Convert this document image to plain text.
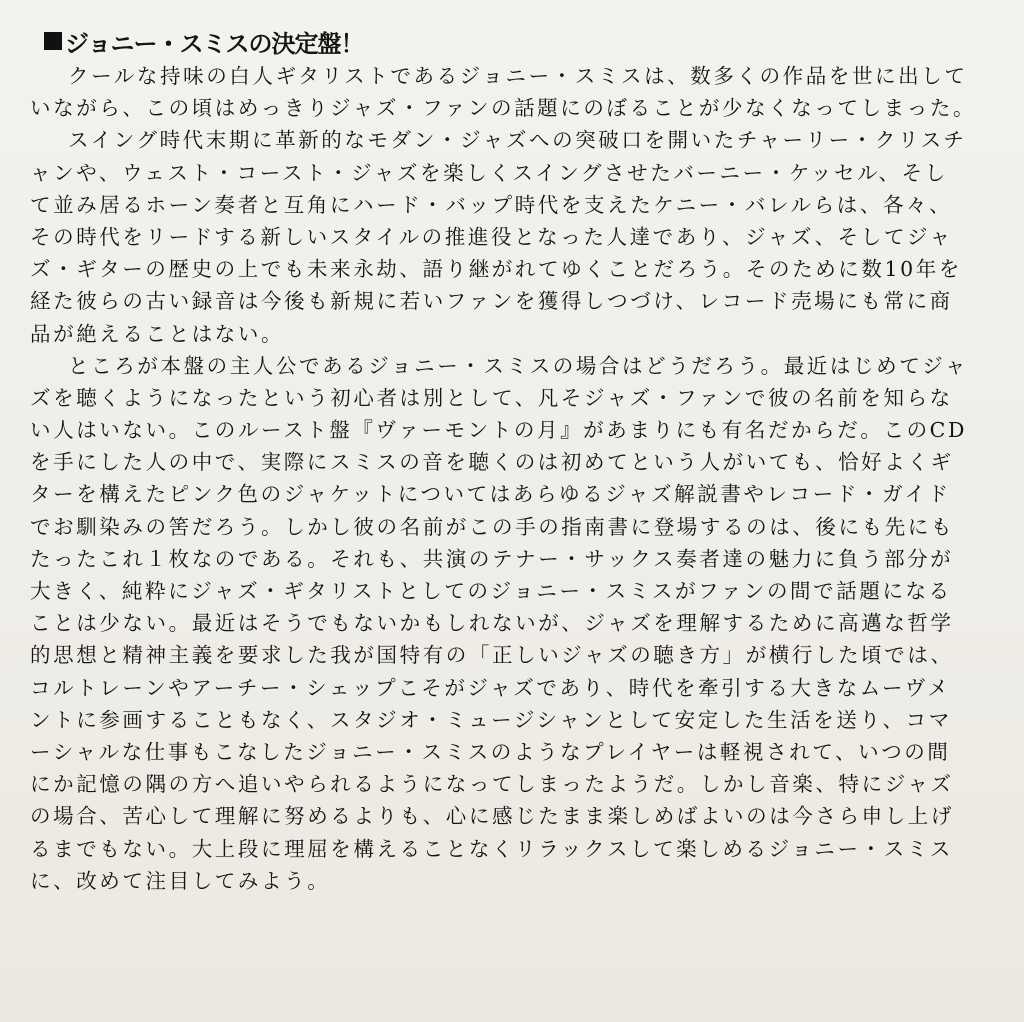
ジョニー・スミスの決定盤！

クールな持味の白人ギタリストであるジョニー・スミスは、数多くの作品を世に出して
いながら、この頃はめっきりジャズ・ファンの話題にのぼることが少なくなってしまった。

スイング時代末期に革新的なモダン・ジャズへの突破口を開いたチャーリー・クリスチ
ャンや、ウェスト・コースト・ジャズを楽しくスイングさせたバーニー・ケッセル、そし
て並み居るホーン奏者と互角にハード・バップ時代を支えたケニー・バレルらは、各々、
その時代をリードする新しいスタイルの推進役となった人達であり、ジャズ、そしてジャ
ズ・ギターの歴史の上でも未来永劫、語り継がれてゆくことだろう。そのために数10年を
経た彼らの古い録音は今後も新規に若いファンを獲得しつづけ、レコード売場にも常に商
品が絶えることはない。

ところが本盤の主人公であるジョニー・スミスの場合はどうだろう。最近はじめてジャ
ズを聴くようになったという初心者は別として、凡そジャズ・ファンで彼の名前を知らな
い人はいない。このルースト盤『ヴァーモントの月』があまりにも有名だからだ。このCD
を手にした人の中で、実際にスミスの音を聴くのは初めてという人がいても、恰好よくギ
ターを構えたピンク色のジャケットについてはあらゆるジャズ解説書やレコード・ガイド
でお馴染みの筈だろう。しかし彼の名前がこの手の指南書に登場するのは、後にも先にも
たったこれ１枚なのである。それも、共演のテナー・サックス奏者達の魅力に負う部分が
大きく、純粋にジャズ・ギタリストとしてのジョニー・スミスがファンの間で話題になる
ことは少ない。最近はそうでもないかもしれないが、ジャズを理解するために高邁な哲学
的思想と精神主義を要求した我が国特有の「正しいジャズの聴き方」が横行した頃では、
コルトレーンやアーチー・シェップこそがジャズであり、時代を牽引する大きなムーヴメ
ントに参画することもなく、スタジオ・ミュージシャンとして安定した生活を送り、コマ
ーシャルな仕事もこなしたジョニー・スミスのようなプレイヤーは軽視されて、いつの間
にか記憶の隅の方へ追いやられるようになってしまったようだ。しかし音楽、特にジャズ
の場合、苦心して理解に努めるよりも、心に感じたまま楽しめばよいのは今さら申し上げ
るまでもない。大上段に理屈を構えることなくリラックスして楽しめるジョニー・スミス
に、改めて注目してみよう。
